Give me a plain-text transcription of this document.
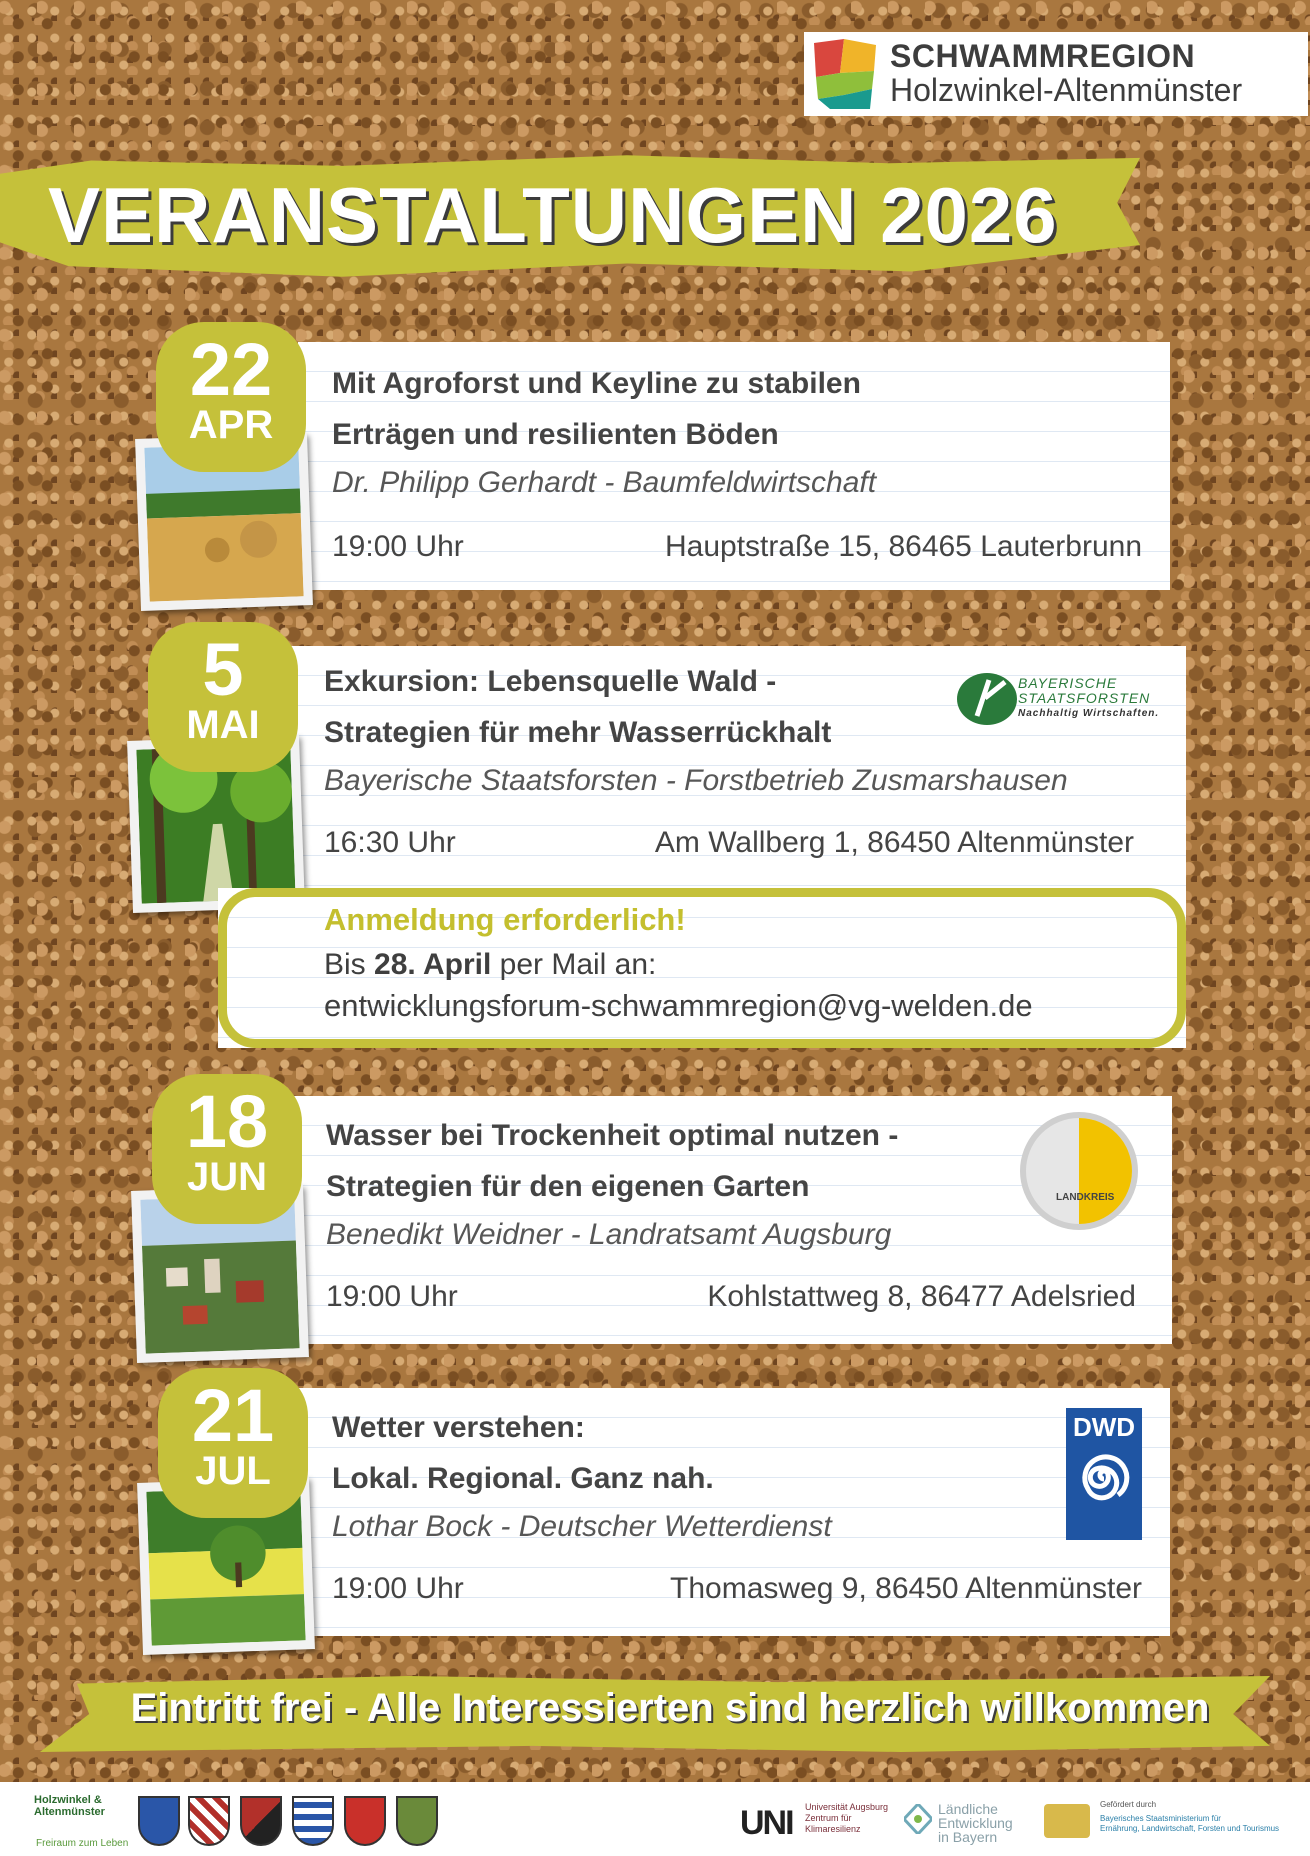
SCHWAMMREGION
Holzwinkel-Altenmünster
VERANSTALTUNGEN 2026
22
APR
Mit Agroforst und Keyline zu stabilen
Erträgen und resilienten Böden
Dr. Philipp Gerhardt - Baumfeldwirtschaft
19:00 Uhr	Hauptstraße 15, 86465 Lauterbrunn
5
MAI
Exkursion: Lebensquelle Wald -
Strategien für mehr Wasserrückhalt
BAYERISCHE
STAATSFORSTEN
Nachhaltig Wirtschaften.
Bayerische Staatsforsten - Forstbetrieb Zusmarshausen
16:30 Uhr	Am Wallberg 1, 86450 Altenmünster
Anmeldung erforderlich!
Bis 28. April per Mail an:
entwicklungsforum-schwammregion@vg-welden.de
18
JUN
Wasser bei Trockenheit optimal nutzen -
Strategien für den eigenen Garten	LANDKREIS
Benedikt Weidner - Landratsamt Augsburg
19:00 Uhr	Kohlstattweg 8, 86477 Adelsried
21
JUL
Wetter verstehen:
Lokal. Regional. Ganz nah.
DWD
Lothar Bock - Deutscher Wetterdienst
19:00 Uhr	Thomasweg 9, 86450 Altenmünster
Eintritt frei - Alle Interessierten sind herzlich willkommen
Holzwinkel &
Altenmünster
Freiraum zum Leben
UNI Universität Augsburg
Zentrum für
Klimaresilienz
Ländliche
Entwicklung
in Bayern
Gefördert durch
Bayerisches Staatsministerium für
Ernährung, Landwirtschaft, Forsten und Tourismus
